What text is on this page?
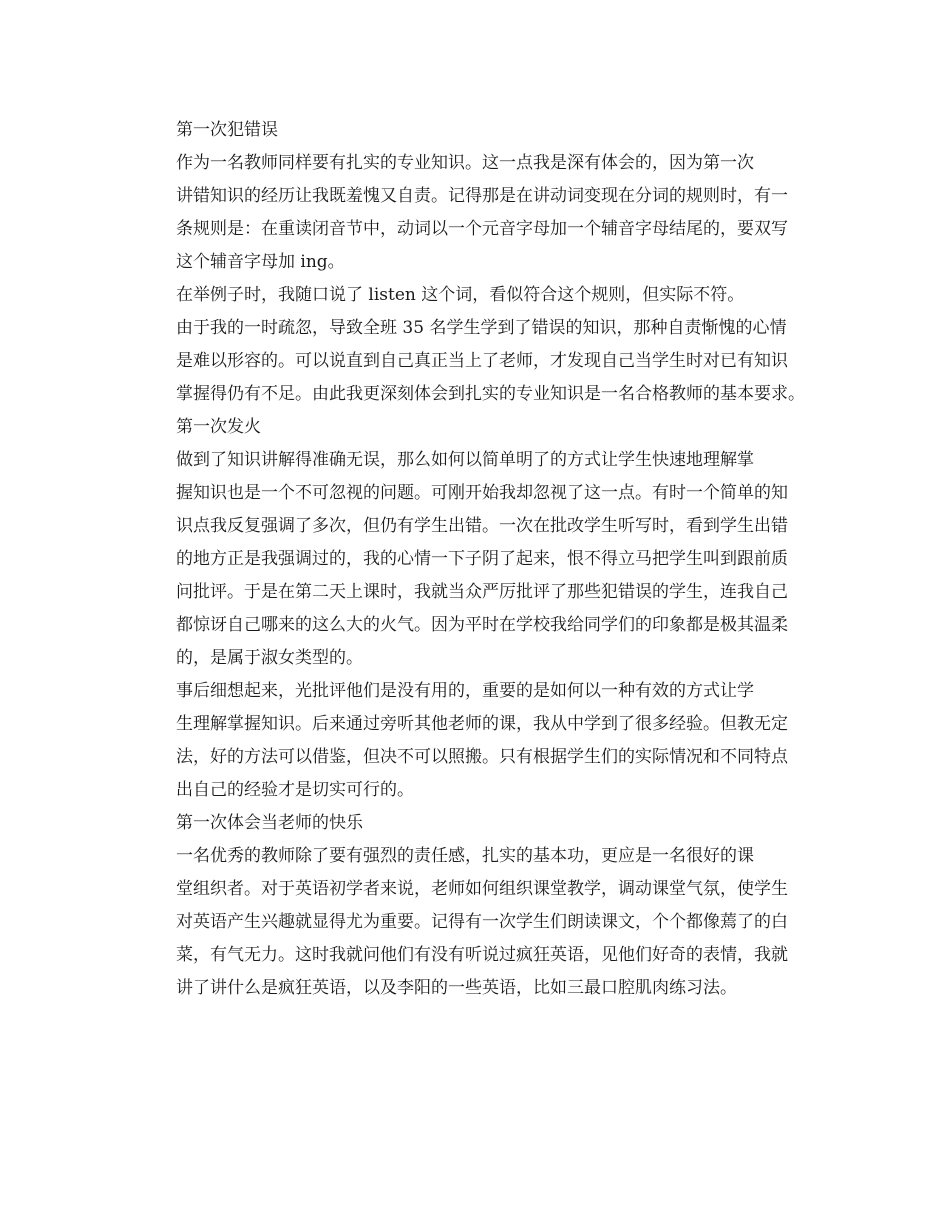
第一次犯错误
作为一名教师同样要有扎实的专业知识。这一点我是深有体会的，因为第一次
讲错知识的经历让我既羞愧又自责。记得那是在讲动词变现在分词的规则时，有一
条规则是：在重读闭音节中，动词以一个元音字母加一个辅音字母结尾的，要双写
这个辅音字母加 ing。
在举例子时，我随口说了 listen 这个词，看似符合这个规则，但实际不符。
由于我的一时疏忽，导致全班 35 名学生学到了错误的知识，那种自责惭愧的心情
是难以形容的。可以说直到自己真正当上了老师，才发现自己当学生时对已有知识
掌握得仍有不足。由此我更深刻体会到扎实的专业知识是一名合格教师的基本要求。
第一次发火
做到了知识讲解得准确无误，那么如何以简单明了的方式让学生快速地理解掌
握知识也是一个不可忽视的问题。可刚开始我却忽视了这一点。有时一个简单的知
识点我反复强调了多次，但仍有学生出错。一次在批改学生听写时，看到学生出错
的地方正是我强调过的，我的心情一下子阴了起来，恨不得立马把学生叫到跟前质
问批评。于是在第二天上课时，我就当众严厉批评了那些犯错误的学生，连我自己
都惊讶自己哪来的这么大的火气。因为平时在学校我给同学们的印象都是极其温柔
的，是属于淑女类型的。
事后细想起来，光批评他们是没有用的，重要的是如何以一种有效的方式让学
生理解掌握知识。后来通过旁听其他老师的课，我从中学到了很多经验。但教无定
法，好的方法可以借鉴，但决不可以照搬。只有根据学生们的实际情况和不同特点
出自己的经验才是切实可行的。
第一次体会当老师的快乐
一名优秀的教师除了要有强烈的责任感，扎实的基本功，更应是一名很好的课
堂组织者。对于英语初学者来说，老师如何组织课堂教学，调动课堂气氛，使学生
对英语产生兴趣就显得尤为重要。记得有一次学生们朗读课文，个个都像蔫了的白
菜，有气无力。这时我就问他们有没有听说过疯狂英语，见他们好奇的表情，我就
讲了讲什么是疯狂英语，以及李阳的一些英语，比如三最口腔肌肉练习法。
